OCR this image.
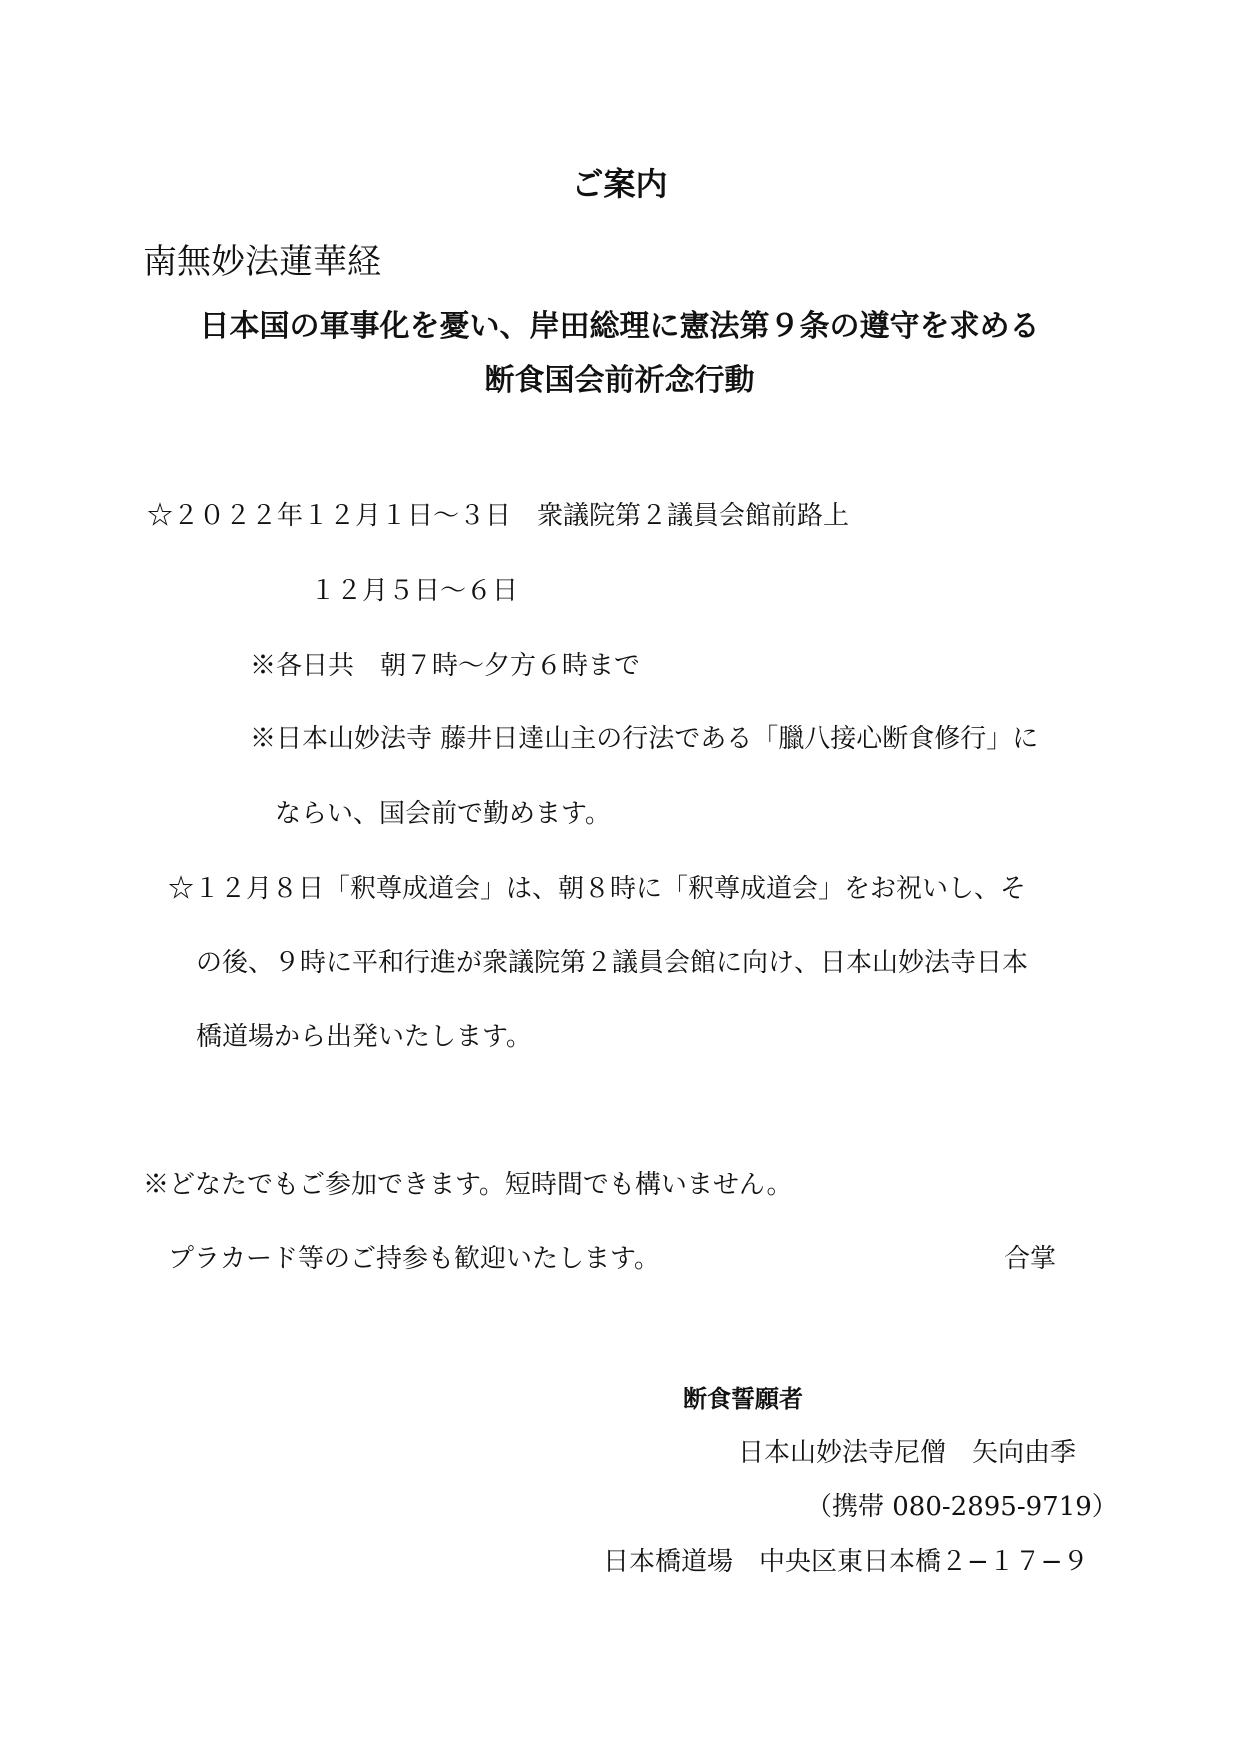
ご案内
南無妙法蓮華経
日本国の軍事化を憂い、岸田総理に憲法第９条の遵守を求める
断食国会前祈念行動
☆２０２２年１２月１日〜３日　衆議院第２議員会館前路上
１２月５日〜６日
※各日共　朝７時〜夕方６時まで
※日本山妙法寺 藤井日達山主の行法である「臘八接心断食修行」に
ならい、国会前で勤めます。
☆１２月８日「釈尊成道会」は、朝８時に「釈尊成道会」をお祝いし、そ
の後、９時に平和行進が衆議院第２議員会館に向け、日本山妙法寺日本
橋道場から出発いたします。
※どなたでもご参加できます。短時間でも構いません。
プラカード等のご持参も歓迎いたします。	合掌
断食誓願者
日本山妙法寺尼僧　矢向由季
（携帯 080-2895-9719）
日本橋道場　中央区東日本橋２−１７−９
